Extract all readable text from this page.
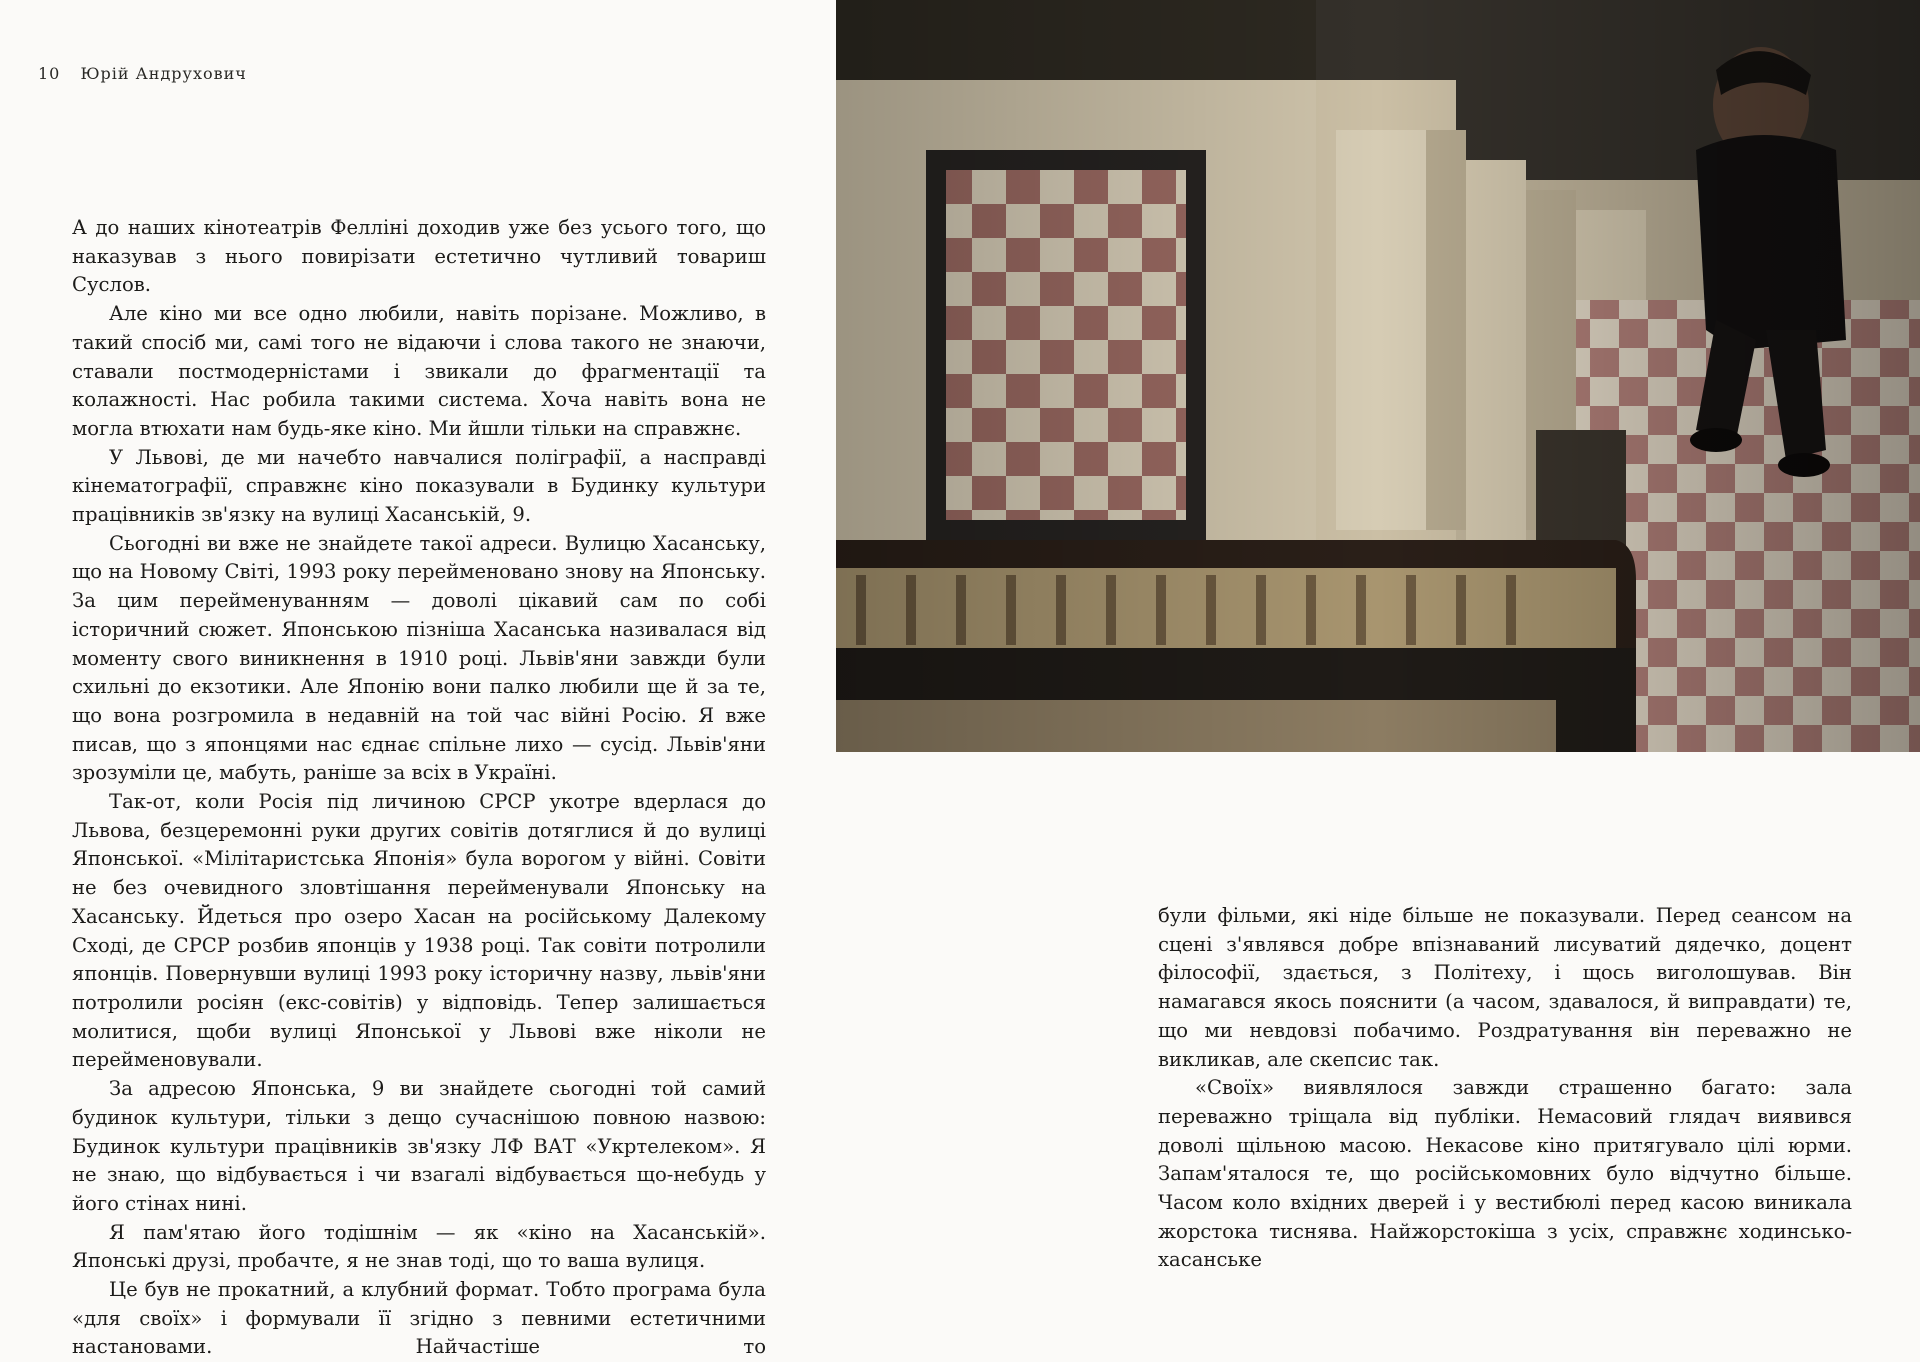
10 Юрій Андрухович

А до наших кінотеатрів Фелліні доходив уже без усього того, що наказував з нього повирізати естетично чутливий товариш Суслов.

Але кіно ми все одно любили, навіть порізане. Можливо, в такий спосіб ми, самі того не відаючи і слова такого не знаючи, ставали постмодерністами і звикали до фрагментації та колажності. Нас робила такими система. Хоча навіть вона не могла втюхати нам будь-яке кіно. Ми йшли тільки на справжнє.

У Львові, де ми начебто навчалися поліграфії, а насправді кінематографії, справжнє кіно показували в Будинку культури працівників зв'язку на вулиці Хасанській, 9.

Сьогодні ви вже не знайдете такої адреси. Вулицю Хасанську, що на Новому Світі, 1993 року перейменовано знову на Японську. За цим перейменуванням — доволі цікавий сам по собі історичний сюжет. Японською пізніша Хасанська називалася від моменту свого виникнення в 1910 році. Львів'яни завжди були схильні до екзотики. Але Японію вони палко любили ще й за те, що вона розгромила в недавній на той час війні Росію. Я вже писав, що з японцями нас єднає спільне лихо — сусід. Львів'яни зрозуміли це, мабуть, раніше за всіх в Україні.

Так-от, коли Росія під личиною СРСР укотре вдерлася до Львова, безцеремонні руки других совітів дотяглися й до вулиці Японської. «Мілітаристська Японія» була ворогом у війні. Совіти не без очевидного зловтішання перейменували Японську на Хасанську. Йдеться про озеро Хасан на російському Далекому Сході, де СРСР розбив японців у 1938 році. Так совіти потролили японців. Повернувши вулиці 1993 року історичну назву, львів'яни потролили росіян (екс-совітів) у відповідь. Тепер залишається молитися, щоби вулиці Японської у Львові вже ніколи не перейменовували.

За адресою Японська, 9 ви знайдете сьогодні той самий будинок культури, тільки з дещо сучаснішою повною назвою: Будинок культури працівників зв'язку ЛФ ВАТ «Укртелеком». Я не знаю, що відбувається і чи взагалі відбувається що-небудь у його стінах нині.

Я пам'ятаю його тодішнім — як «кіно на Хасанській». Японські друзі, пробачте, я не знав тоді, що то ваша вулиця.

Це був не прокатний, а клубний формат. Тобто програма була «для своїх» і формували її згідно з певними естетичними настановами. Найчастіше то

були фільми, які ніде більше не показували. Перед сеансом на сцені з'являвся добре впізнаваний лисуватий дядечко, доцент філософії, здається, з Політеху, і щось виголошував. Він намагався якось пояснити (а часом, здавалося, й виправдати) те, що ми невдовзі побачимо. Роздратування він переважно не викликав, але скепсис так.

«Своїх» виявлялося завжди страшенно багато: зала переважно тріщала від публіки. Немасовий глядач виявився доволі щільною масою. Некасове кіно притягувало цілі юрми. Запам'яталося те, що російськомовних було відчутно більше. Часом коло вхідних дверей і у вестибюлі перед касою виникала жорстока тиснява. Найжорстокіша з усіх, справжнє ходинсько-хасанське
